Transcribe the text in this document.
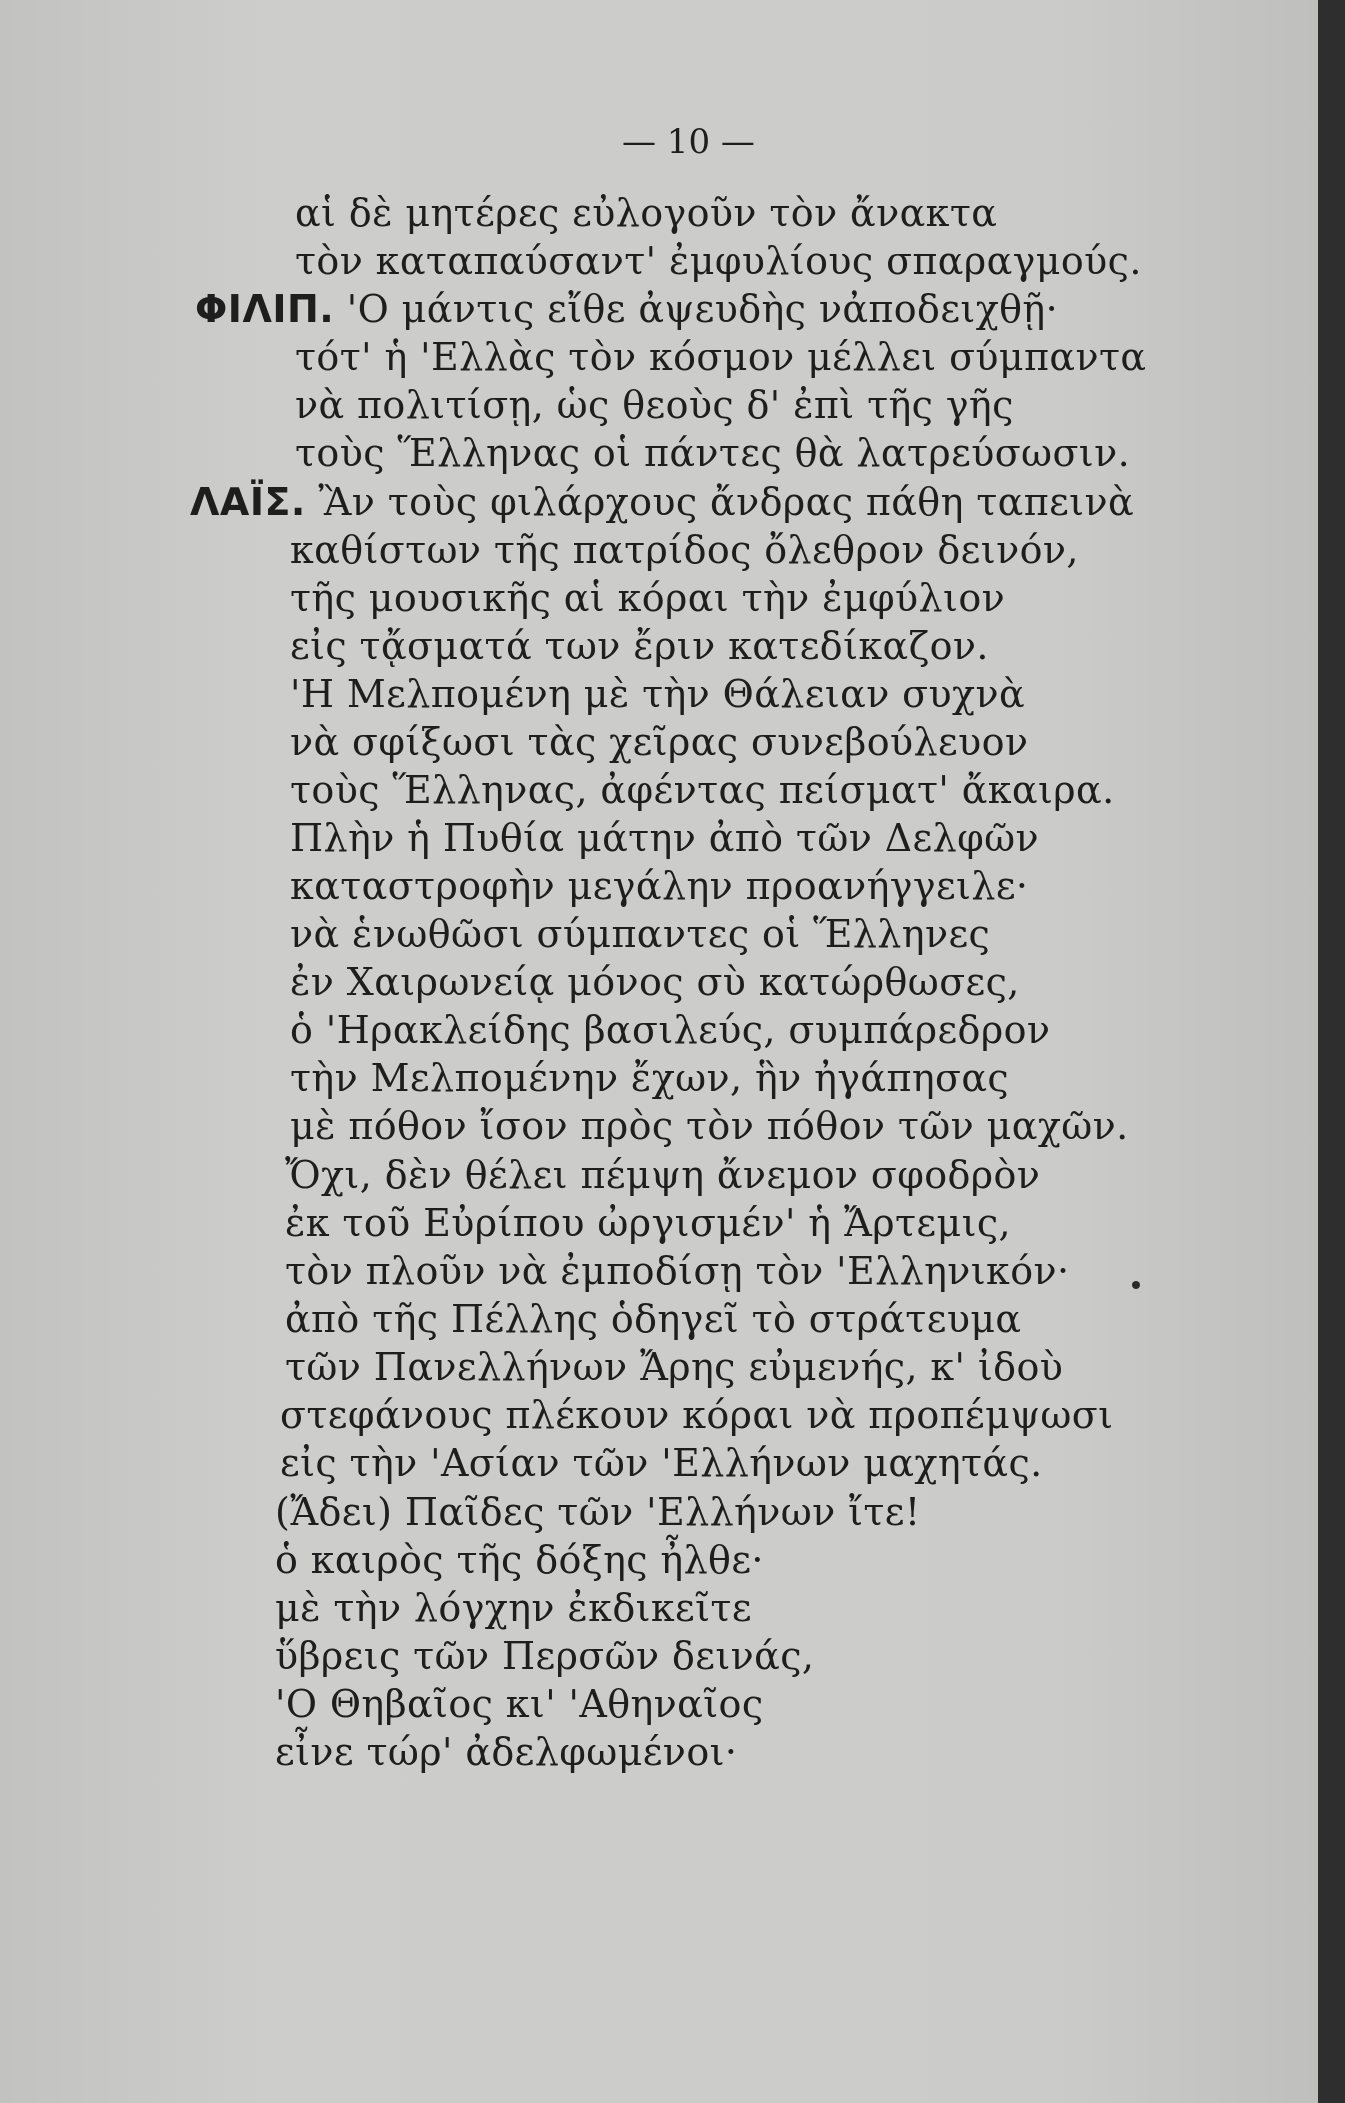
— 10 —
αἱ δὲ μητέρες εὐλογοῦν τὸν ἄνακτα
τὸν καταπαύσαντ' ἐμφυλίους σπαραγμούς.
ΦΙΛΙΠ. 'Ο μάντις εἴθε ἀψευδὴς νἀποδειχθῇ·
τότ' ἡ 'Ελλὰς τὸν κόσμον μέλλει σύμπαντα
νὰ πολιτίσῃ, ὡς θεοὺς δ' ἐπὶ τῆς γῆς
τοὺς Ἕλληνας οἱ πάντες θὰ λατρεύσωσιν.
ΛΑΪΣ. Ἂν τοὺς φιλάρχους ἄνδρας πάθη ταπεινὰ
καθίστων τῆς πατρίδος ὄλεθρον δεινόν,
τῆς μουσικῆς αἱ κόραι τὴν ἐμφύλιον
εἰς τᾄσματά των ἔριν κατεδίκαζον.
'Η Μελπομένη μὲ τὴν Θάλειαν συχνὰ
νὰ σφίξωσι τὰς χεῖρας συνεβούλευον
τοὺς Ἕλληνας, ἀφέντας πείσματ' ἄκαιρα.
Πλὴν ἡ Πυθία μάτην ἀπὸ τῶν Δελφῶν
καταστροφὴν μεγάλην προανήγγειλε·
νὰ ἑνωθῶσι σύμπαντες οἱ Ἕλληνες
ἐν Χαιρωνείᾳ μόνος σὺ κατώρθωσες,
ὁ 'Ηρακλείδης βασιλεύς, συμπάρεδρον
τὴν Μελπομένην ἔχων, ἣν ἠγάπησας
μὲ πόθον ἴσον πρὸς τὸν πόθον τῶν μαχῶν.
Ὄχι, δὲν θέλει πέμψη ἄνεμον σφοδρὸν
ἐκ τοῦ Εὐρίπου ὠργισμέν' ἡ Ἄρτεμις,
τὸν πλοῦν νὰ ἐμποδίσῃ τὸν 'Ελληνικόν·
ἀπὸ τῆς Πέλλης ὁδηγεῖ τὸ στράτευμα
τῶν Πανελλήνων Ἄρης εὐμενής, κ' ἰδοὺ
στεφάνους πλέκουν κόραι νὰ προπέμψωσι
εἰς τὴν 'Ασίαν τῶν 'Ελλήνων μαχητάς.
(Ἄδει) Παῖδες τῶν 'Ελλήνων ἴτε!
ὁ καιρὸς τῆς δόξης ἦλθε·
μὲ τὴν λόγχην ἐκδικεῖτε
ὕβρεις τῶν Περσῶν δεινάς,
'Ο Θηβαῖος κι' 'Αθηναῖος
εἶνε τώρ' ἀδελφωμένοι·
